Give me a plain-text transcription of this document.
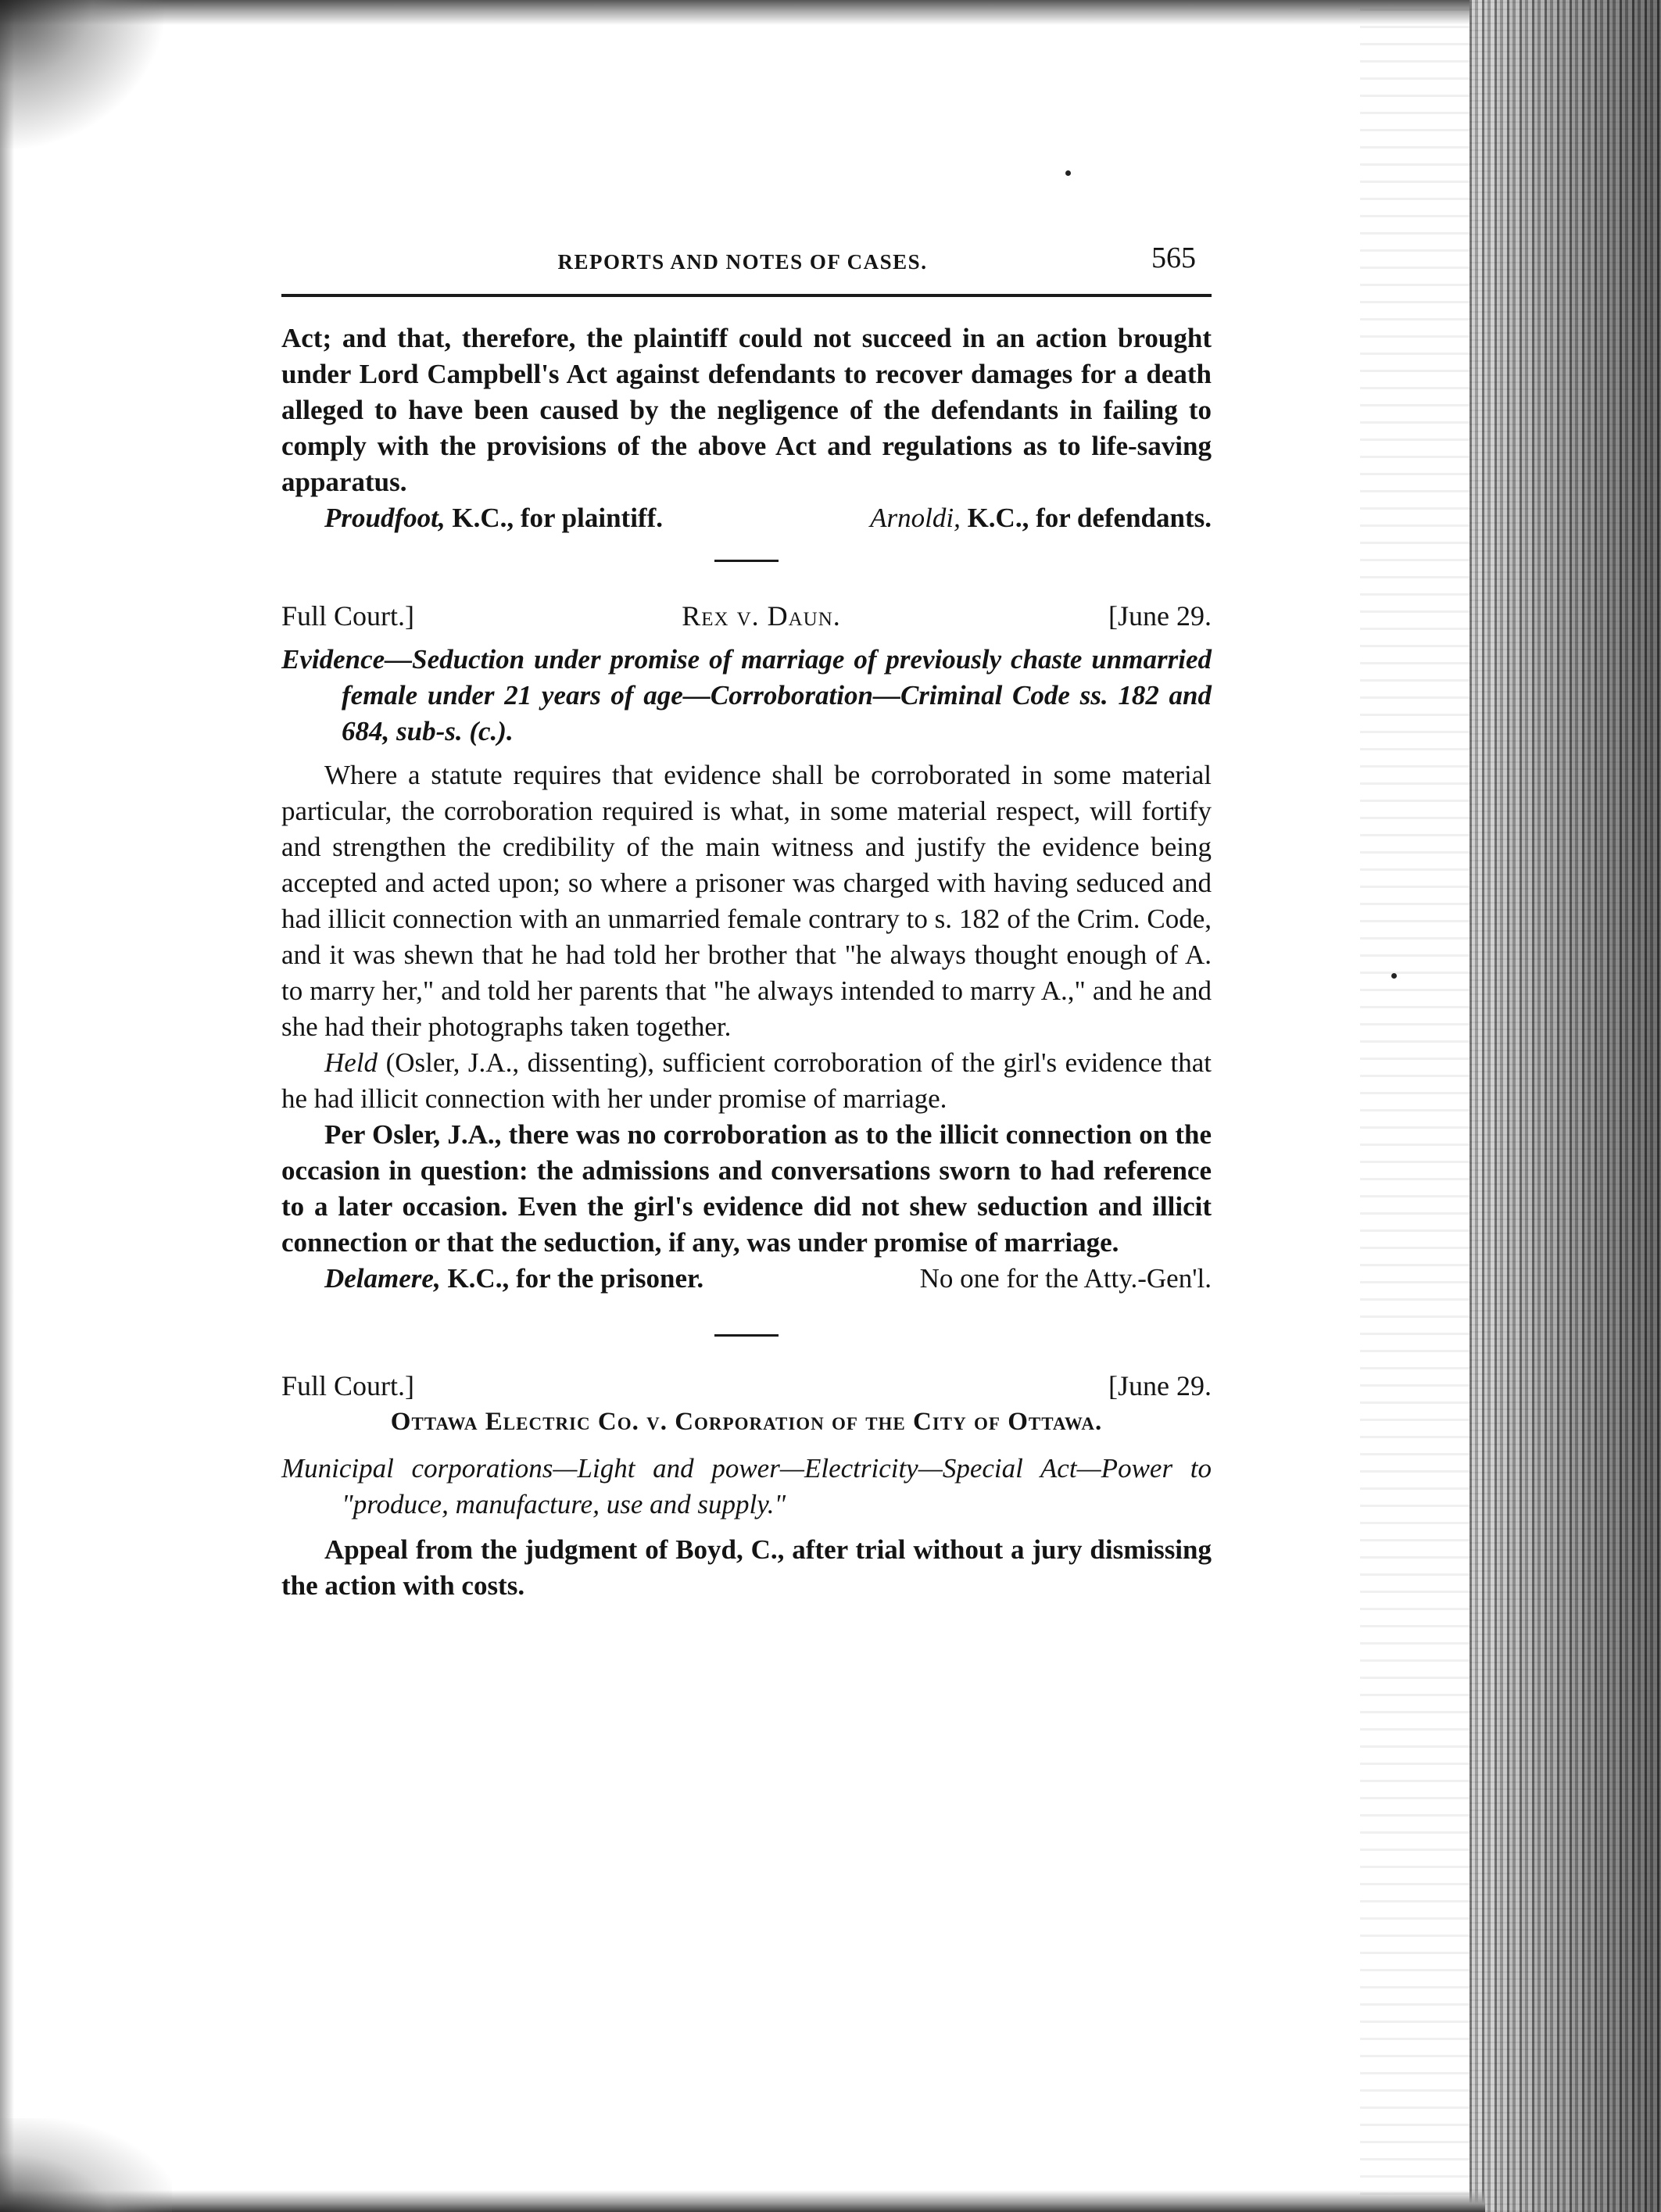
REPORTS AND NOTES OF CASES.	565

Act; and that, therefore, the plaintiff could not succeed in an action brought under Lord Campbell's Act against defendants to recover damages for a death alleged to have been caused by the negligence of the defendants in failing to comply with the provisions of the above Act and regulations as to life-saving apparatus.

Proudfoot, K.C., for plaintiff.	Arnoldi, K.C., for defendants.
Full Court.]	Rex v. Daun.	[June 29.

Evidence—Seduction under promise of marriage of previously chaste unmarried female under 21 years of age—Corroboration—Criminal Code ss. 182 and 684, sub-s. (c.).

Where a statute requires that evidence shall be corroborated in some material particular, the corroboration required is what, in some material respect, will fortify and strengthen the credibility of the main witness and justify the evidence being accepted and acted upon; so where a prisoner was charged with having seduced and had illicit connection with an unmarried female contrary to s. 182 of the Crim. Code, and it was shewn that he had told her brother that "he always thought enough of A. to marry her," and told her parents that "he always intended to marry A.," and he and she had their photographs taken together.

Held (Osler, J.A., dissenting), sufficient corroboration of the girl's evidence that he had illicit connection with her under promise of marriage.

Per Osler, J.A., there was no corroboration as to the illicit connection on the occasion in question: the admissions and conversations sworn to had reference to a later occasion. Even the girl's evidence did not shew seduction and illicit connection or that the seduction, if any, was under promise of marriage.

Delamere, K.C., for the prisoner.	No one for the Atty.-Gen'l.
Full Court.]	[June 29.
Ottawa Electric Co. v. Corporation of the City of Ottawa.

Municipal corporations—Light and power—Electricity—Special Act—Power to "produce, manufacture, use and supply."

Appeal from the judgment of Boyd, C., after trial without a jury dismissing the action with costs.
